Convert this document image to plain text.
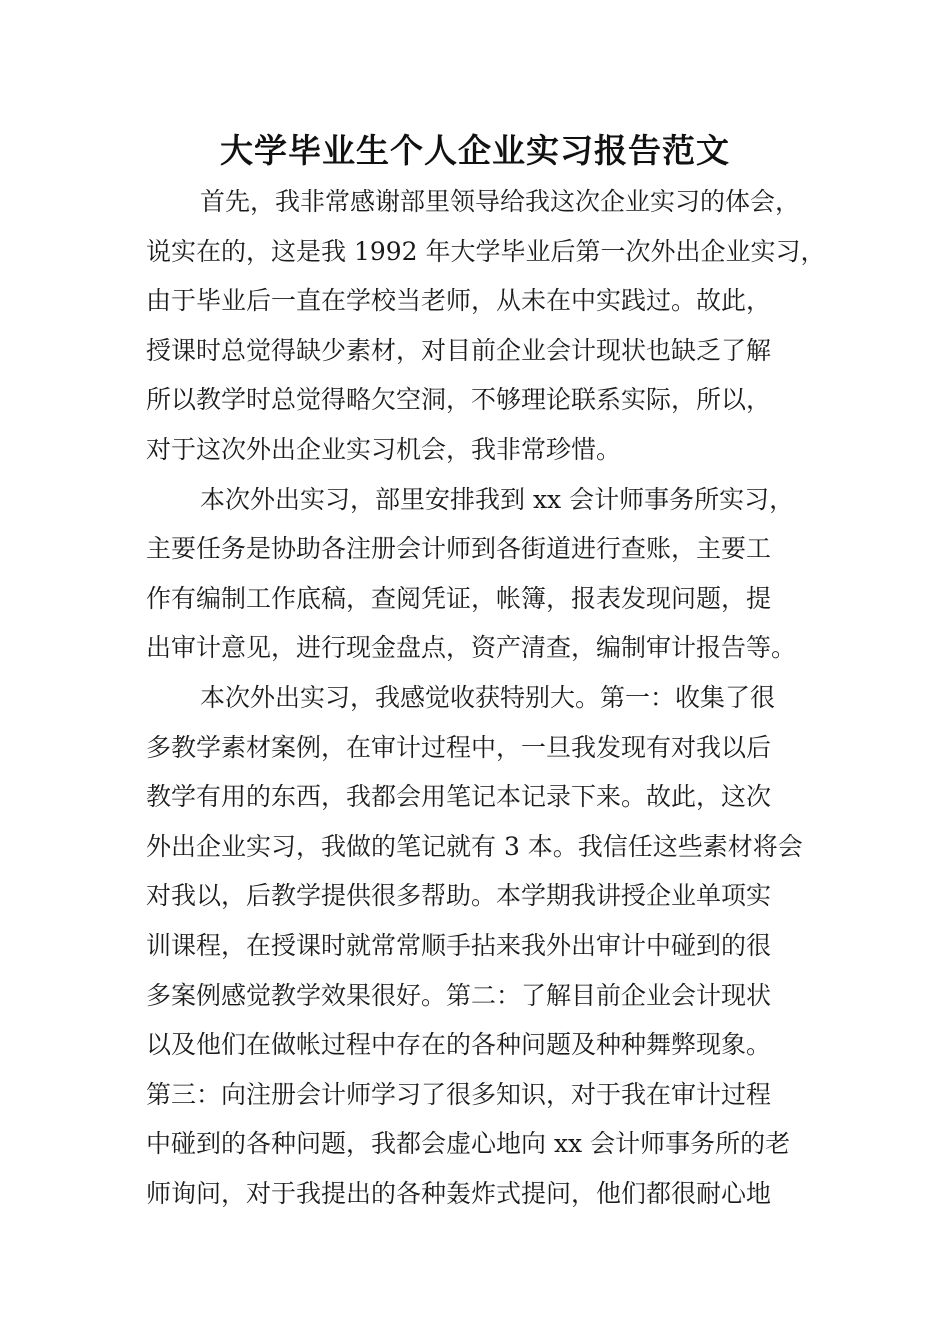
大学毕业生个人企业实习报告范文
首先，我非常感谢部里领导给我这次企业实习的体会，
说实在的，这是我 1992 年大学毕业后第一次外出企业实习，
由于毕业后一直在学校当老师，从未在中实践过。故此，
授课时总觉得缺少素材，对目前企业会计现状也缺乏了解
所以教学时总觉得略欠空洞，不够理论联系实际，所以，
对于这次外出企业实习机会，我非常珍惜。
本次外出实习，部里安排我到 xx 会计师事务所实习，
主要任务是协助各注册会计师到各街道进行查账，主要工
作有编制工作底稿，查阅凭证，帐簿，报表发现问题，提
出审计意见，进行现金盘点，资产清查，编制审计报告等。
本次外出实习，我感觉收获特别大。第一：收集了很
多教学素材案例，在审计过程中，一旦我发现有对我以后
教学有用的东西，我都会用笔记本记录下来。故此，这次
外出企业实习，我做的笔记就有 3 本。我信任这些素材将会
对我以，后教学提供很多帮助。本学期我讲授企业单项实
训课程，在授课时就常常顺手拈来我外出审计中碰到的很
多案例感觉教学效果很好。第二：了解目前企业会计现状
以及他们在做帐过程中存在的各种问题及种种舞弊现象。
第三：向注册会计师学习了很多知识，对于我在审计过程
中碰到的各种问题，我都会虚心地向 xx 会计师事务所的老
师询问，对于我提出的各种轰炸式提问，他们都很耐心地
